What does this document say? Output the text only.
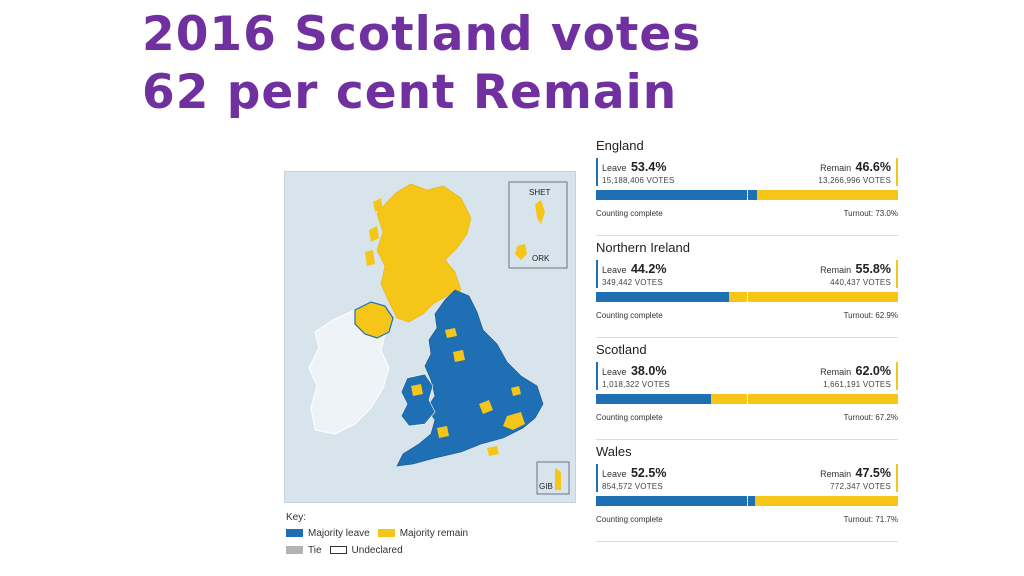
2016 Scotland votes
62 per cent Remain
SHET
ORK
GIB
Key:
Majority leave	Majority remain
Tie	Undeclared
England
Leave 53.4%
15,188,406 VOTES
Remain 46.6%
13,266,996 VOTES
Counting complete	Turnout: 73.0%
Northern Ireland
Leave 44.2%
349,442 VOTES
Remain 55.8%
440,437 VOTES
Counting complete	Turnout: 62.9%
Scotland
Leave 38.0%
1,018,322 VOTES
Remain 62.0%
1,661,191 VOTES
Counting complete	Turnout: 67.2%
Wales
Leave 52.5%
854,572 VOTES
Remain 47.5%
772,347 VOTES
Counting complete	Turnout: 71.7%
